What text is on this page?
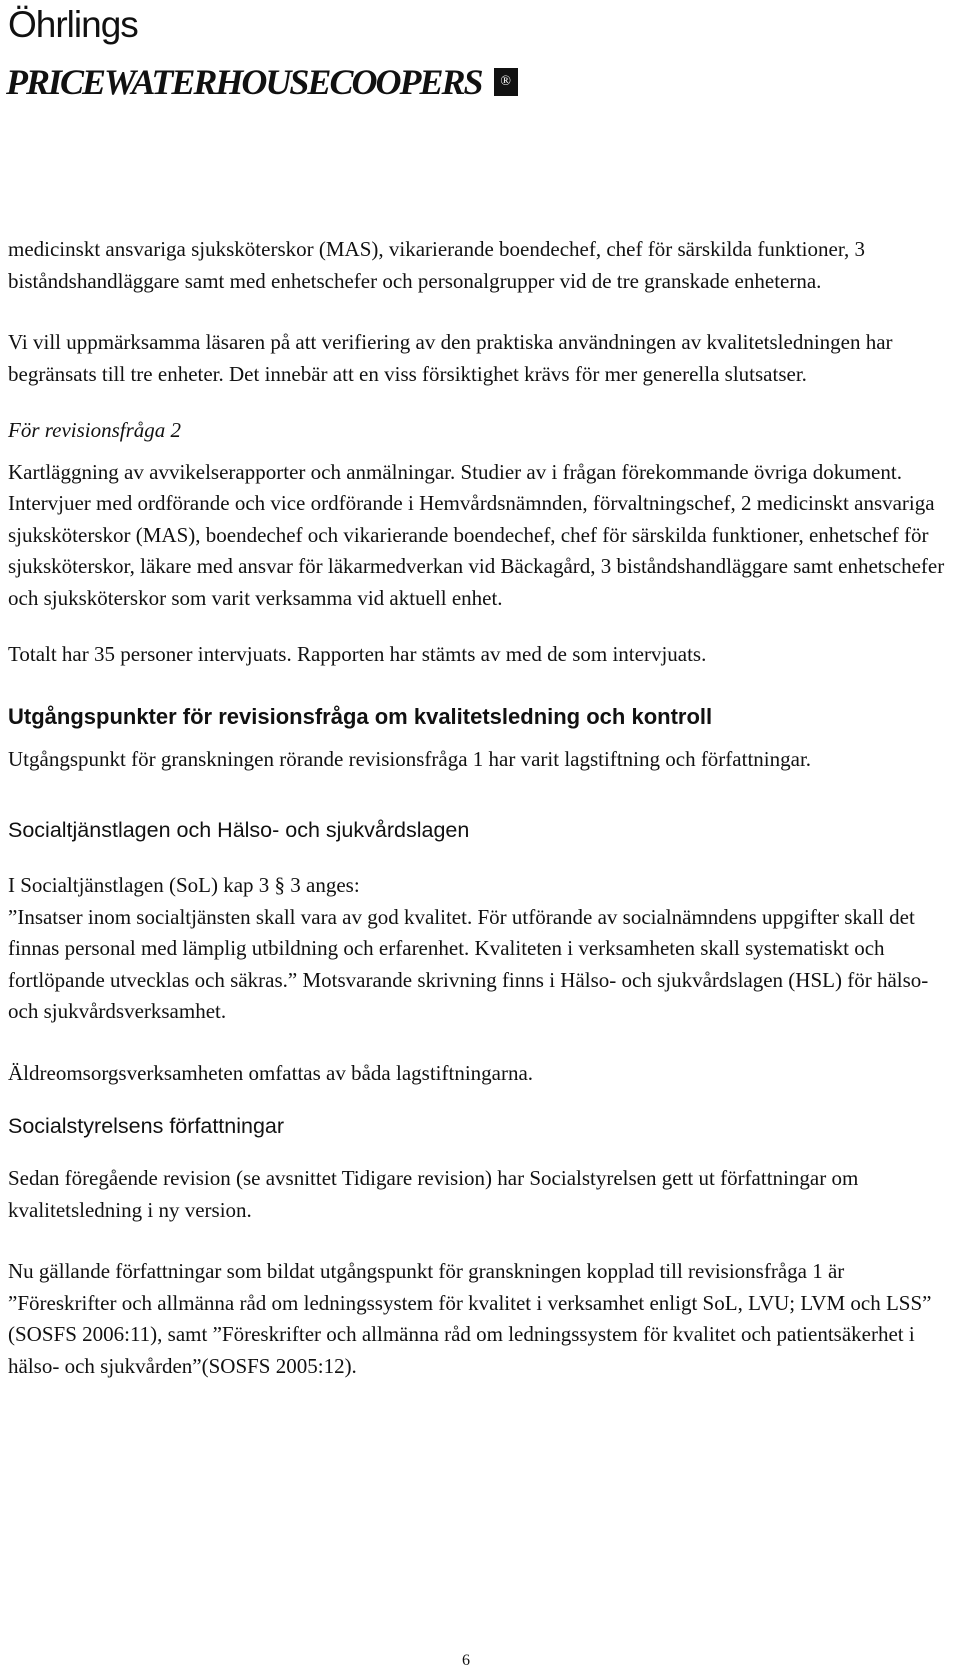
Öhrlings
PRICEWATERHOUSECOOPERS	®

medicinskt ansvariga sjuksköterskor (MAS), vikarierande boendechef, chef för särskilda funktioner, 3 biståndshandläggare samt med enhetschefer och personalgrupper vid de tre granskade enheterna.

Vi vill uppmärksamma läsaren på att verifiering av den praktiska användningen av kvalitetsledningen har begränsats till tre enheter. Det innebär att en viss försiktighet krävs för mer generella slutsatser.

För revisionsfråga 2

Kartläggning av avvikelserapporter och anmälningar. Studier av i frågan förekommande övriga dokument. Intervjuer med ordförande och vice ordförande i Hemvårdsnämnden, förvaltningschef, 2 medicinskt ansvariga sjuksköterskor (MAS), boendechef och vikarierande boendechef, chef för särskilda funktioner, enhetschef för sjuksköterskor, läkare med ansvar för läkarmedverkan vid Bäckagård, 3 biståndshandläggare samt enhetschefer och sjuksköterskor som varit verksamma vid aktuell enhet.

Totalt har 35 personer intervjuats. Rapporten har stämts av med de som intervjuats.

Utgångspunkter för revisionsfråga om kvalitetsledning och kontroll

Utgångspunkt för granskningen rörande revisionsfråga 1 har varit lagstiftning och författningar.

Socialtjänstlagen och Hälso- och sjukvårdslagen

I Socialtjänstlagen (SoL) kap 3 § 3 anges:

”Insatser inom socialtjänsten skall vara av god kvalitet. För utförande av socialnämndens uppgifter skall det finnas personal med lämplig utbildning och erfarenhet. Kvaliteten i verksamheten skall systematiskt och fortlöpande utvecklas och säkras.” Motsvarande skrivning finns i Hälso- och sjukvårdslagen (HSL) för hälso- och sjukvårdsverksamhet.

Äldreomsorgsverksamheten omfattas av båda lagstiftningarna.

Socialstyrelsens författningar

Sedan föregående revision (se avsnittet Tidigare revision) har Socialstyrelsen gett ut författningar om kvalitetsledning i ny version.

Nu gällande författningar som bildat utgångspunkt för granskningen kopplad till revisionsfråga 1 är ”Föreskrifter och allmänna råd om ledningssystem för kvalitet i verksamhet enligt SoL, LVU; LVM och LSS” (SOSFS 2006:11), samt ”Föreskrifter och allmänna råd om ledningssystem för kvalitet och patientsäkerhet i hälso- och sjukvården”(SOSFS 2005:12).

6
